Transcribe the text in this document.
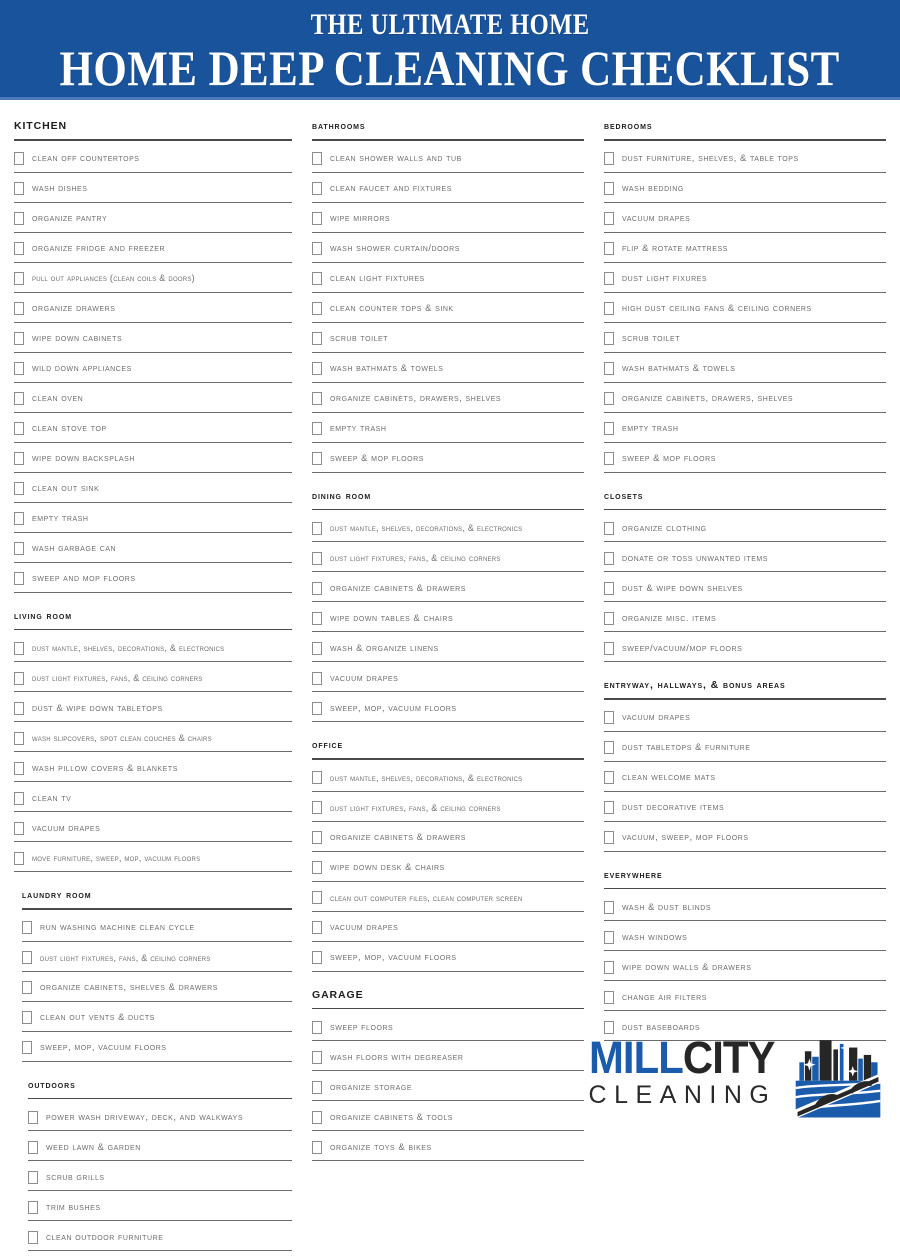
THE ULTIMATE HOME
HOME DEEP CLEANING CHECKLIST
KITCHEN
clean off countertops
wash dishes
organize pantry
organize fridge and freezer
pull out appliances (clean coils & doors)
organize drawers
wipe down cabinets
wild down appliances
clean oven
clean stove top
wipe down backsplash
clean out sink
empty trash
wash garbage can
sweep and mop floors
living room
dust mantle, shelves, decorations, & electronics
dust light fixtures, fans, & ceiling corners
dust & wipe down tabletops
wash slipcovers, spot clean couches & chairs
wash pillow covers & blankets
clean tv
vacuum drapes
move furniture, sweep, mop, vacuum floors
laundry room
run washing machine clean cycle
dust light fixtures, fans, & ceiling corners
organize cabinets, shelves & drawers
clean out vents & ducts
sweep, mop, vacuum floors
outdoors
power wash driveway, deck, and walkways
weed lawn & garden
scrub grills
trim bushes
clean outdoor furniture
bathrooms
clean shower walls and tub
clean faucet and fixtures
wipe mirrors
wash shower curtain/doors
clean light fixtures
clean counter tops & sink
scrub toilet
wash bathmats & towels
organize cabinets, drawers, shelves
empty trash
sweep & mop floors
dining room
dust mantle, shelves, decorations, & electronics
dust light fixtures, fans, & ceiling corners
organize cabinets & drawers
wipe down tables & chairs
wash & organize linens
vacuum drapes
sweep, mop, vacuum floors
office
dust mantle, shelves, decorations, & electronics
dust light fixtures, fans, & ceiling corners
organize cabinets & drawers
wipe down desk & chairs
clean out computer files, clean computer screen
vacuum drapes
sweep, mop, vacuum floors
GARAGE
sweep floors
wash floors with degreaser
organize storage
organize cabinets & tools
organize toys & bikes
bedrooms
dust furniture, shelves, & table tops
wash bedding
vacuum drapes
flip & rotate mattress
dust light fixures
high dust ceiling fans & ceiling corners
scrub toilet
wash bathmats & towels
organize cabinets, drawers, shelves
empty trash
sweep & mop floors
closets
organize clothing
donate or toss unwanted items
dust & wipe down shelves
organize misc. items
sweep/vacuum/mop floors
entryway, hallways, & bonus areas
vacuum drapes
dust tabletops & furniture
clean welcome mats
dust decorative items
vacuum, sweep, mop floors
everywhere
wash & dust blinds
wash windows
wipe down walls & drawers
change air filters
dust baseboards
MILLCITY
CLEANING
